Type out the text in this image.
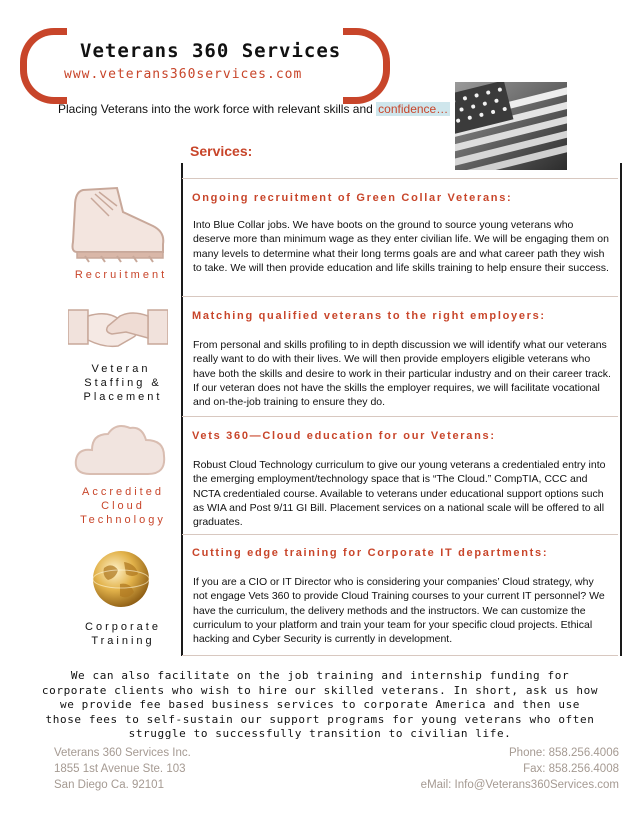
Veterans 360 Services
www.veterans360services.com
Placing Veterans into the work force with relevant skills and confidence…
Services:
Ongoing recruitment of Green Collar Veterans:
Into Blue Collar jobs. We have boots on the ground to source young veterans who deserve more than minimum wage as they enter civilian life. We will be engaging them on many levels to determine what their long terms goals are and what career path they wish to take. We will then provide education and life skills training to help ensure their success.
Matching qualified veterans to the right employers:
From personal and skills profiling to in depth discussion we will identify what our veterans really want to do with their lives. We will then provide employers eligible veterans who have both the skills and desire to work in their particular industry and on their career track. If our veteran does not have the skills the employer requires, we will facilitate vocational and on-the-job training to ensure they do.
Vets 360—Cloud education for our Veterans:
Robust Cloud Technology curriculum to give our young veterans a credentialed entry into the emerging employment/technology space that is “The Cloud.” CompTIA, CCC and NCTA credentialed course. Available to veterans under educational support options such as WIA and Post 9/11 GI Bill. Placement services on a national scale will be offered to all graduates.
Cutting edge training for Corporate IT departments:
If you are a CIO or IT Director who is considering your companies’ Cloud strategy, why not engage Vets 360 to provide Cloud Training courses to your current IT personnel? We have the curriculum, the delivery methods and the instructors. We can customize the curriculum to your platform and train your team for your specific cloud projects. Ethical hacking and Cyber Security is currently in development.
Recruitment
Veteran
Staffing &
Placement
Accredited
Cloud
Technology
Corporate
Training
We can also facilitate on the job training and internship funding for corporate clients who wish to hire our skilled veterans. In short, ask us how we provide fee based business services to corporate America and then use those fees to self-sustain our support programs for young veterans who often struggle to successfully transition to civilian life.
Veterans 360 Services Inc.
1855 1st Avenue Ste. 103
San Diego Ca. 92101
Phone: 858.256.4006
Fax: 858.256.4008
eMail: Info@Veterans360Services.com
